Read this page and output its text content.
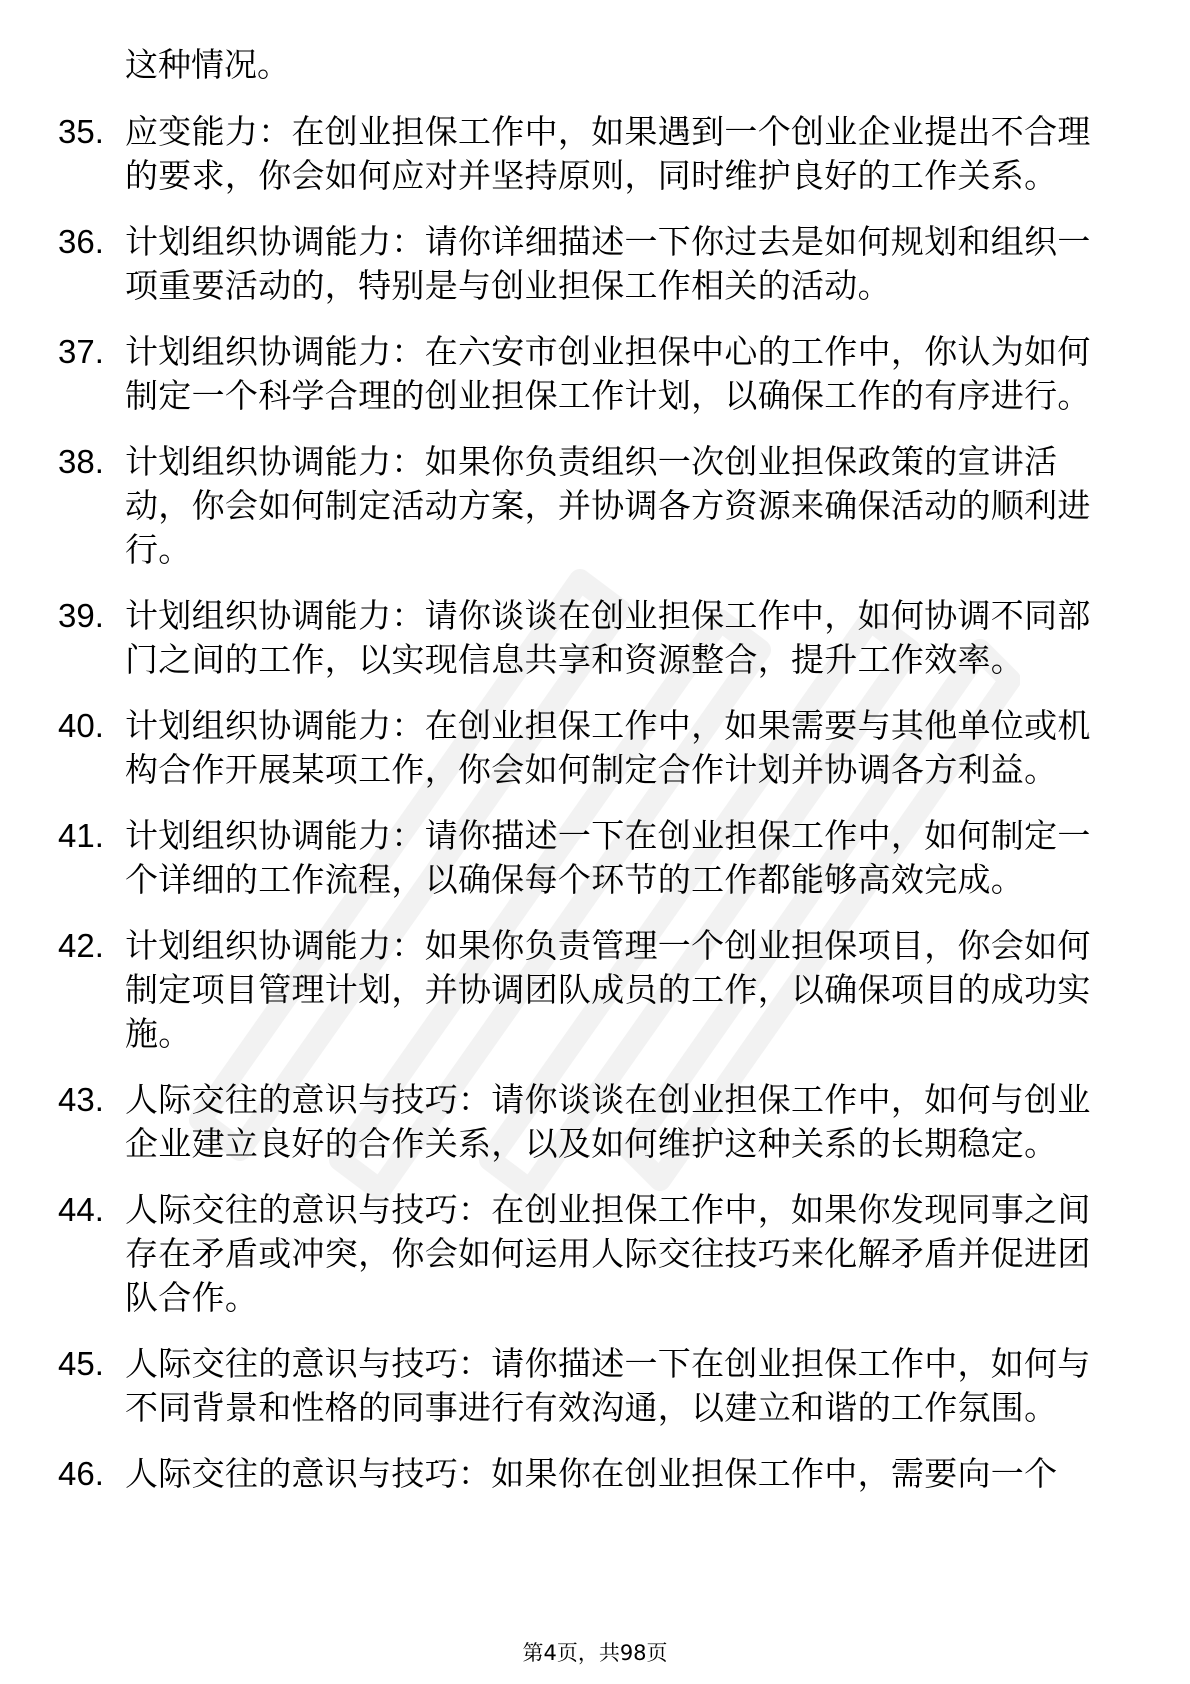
这种情况。
35. 应变能力：在创业担保工作中，如果遇到一个创业企业提出不合理的要求，你会如何应对并坚持原则，同时维护良好的工作关系。
36. 计划组织协调能力：请你详细描述一下你过去是如何规划和组织一项重要活动的，特别是与创业担保工作相关的活动。
37. 计划组织协调能力：在六安市创业担保中心的工作中，你认为如何制定一个科学合理的创业担保工作计划，以确保工作的有序进行。
38. 计划组织协调能力：如果你负责组织一次创业担保政策的宣讲活动，你会如何制定活动方案，并协调各方资源来确保活动的顺利进行。
39. 计划组织协调能力：请你谈谈在创业担保工作中，如何协调不同部门之间的工作，以实现信息共享和资源整合，提升工作效率。
40. 计划组织协调能力：在创业担保工作中，如果需要与其他单位或机构合作开展某项工作，你会如何制定合作计划并协调各方利益。
41. 计划组织协调能力：请你描述一下在创业担保工作中，如何制定一个详细的工作流程，以确保每个环节的工作都能够高效完成。
42. 计划组织协调能力：如果你负责管理一个创业担保项目，你会如何制定项目管理计划，并协调团队成员的工作，以确保项目的成功实施。
43. 人际交往的意识与技巧：请你谈谈在创业担保工作中，如何与创业企业建立良好的合作关系，以及如何维护这种关系的长期稳定。
44. 人际交往的意识与技巧：在创业担保工作中，如果你发现同事之间存在矛盾或冲突，你会如何运用人际交往技巧来化解矛盾并促进团队合作。
45. 人际交往的意识与技巧：请你描述一下在创业担保工作中，如何与不同背景和性格的同事进行有效沟通，以建立和谐的工作氛围。
46. 人际交往的意识与技巧：如果你在创业担保工作中，需要向一个
第4页，共98页
